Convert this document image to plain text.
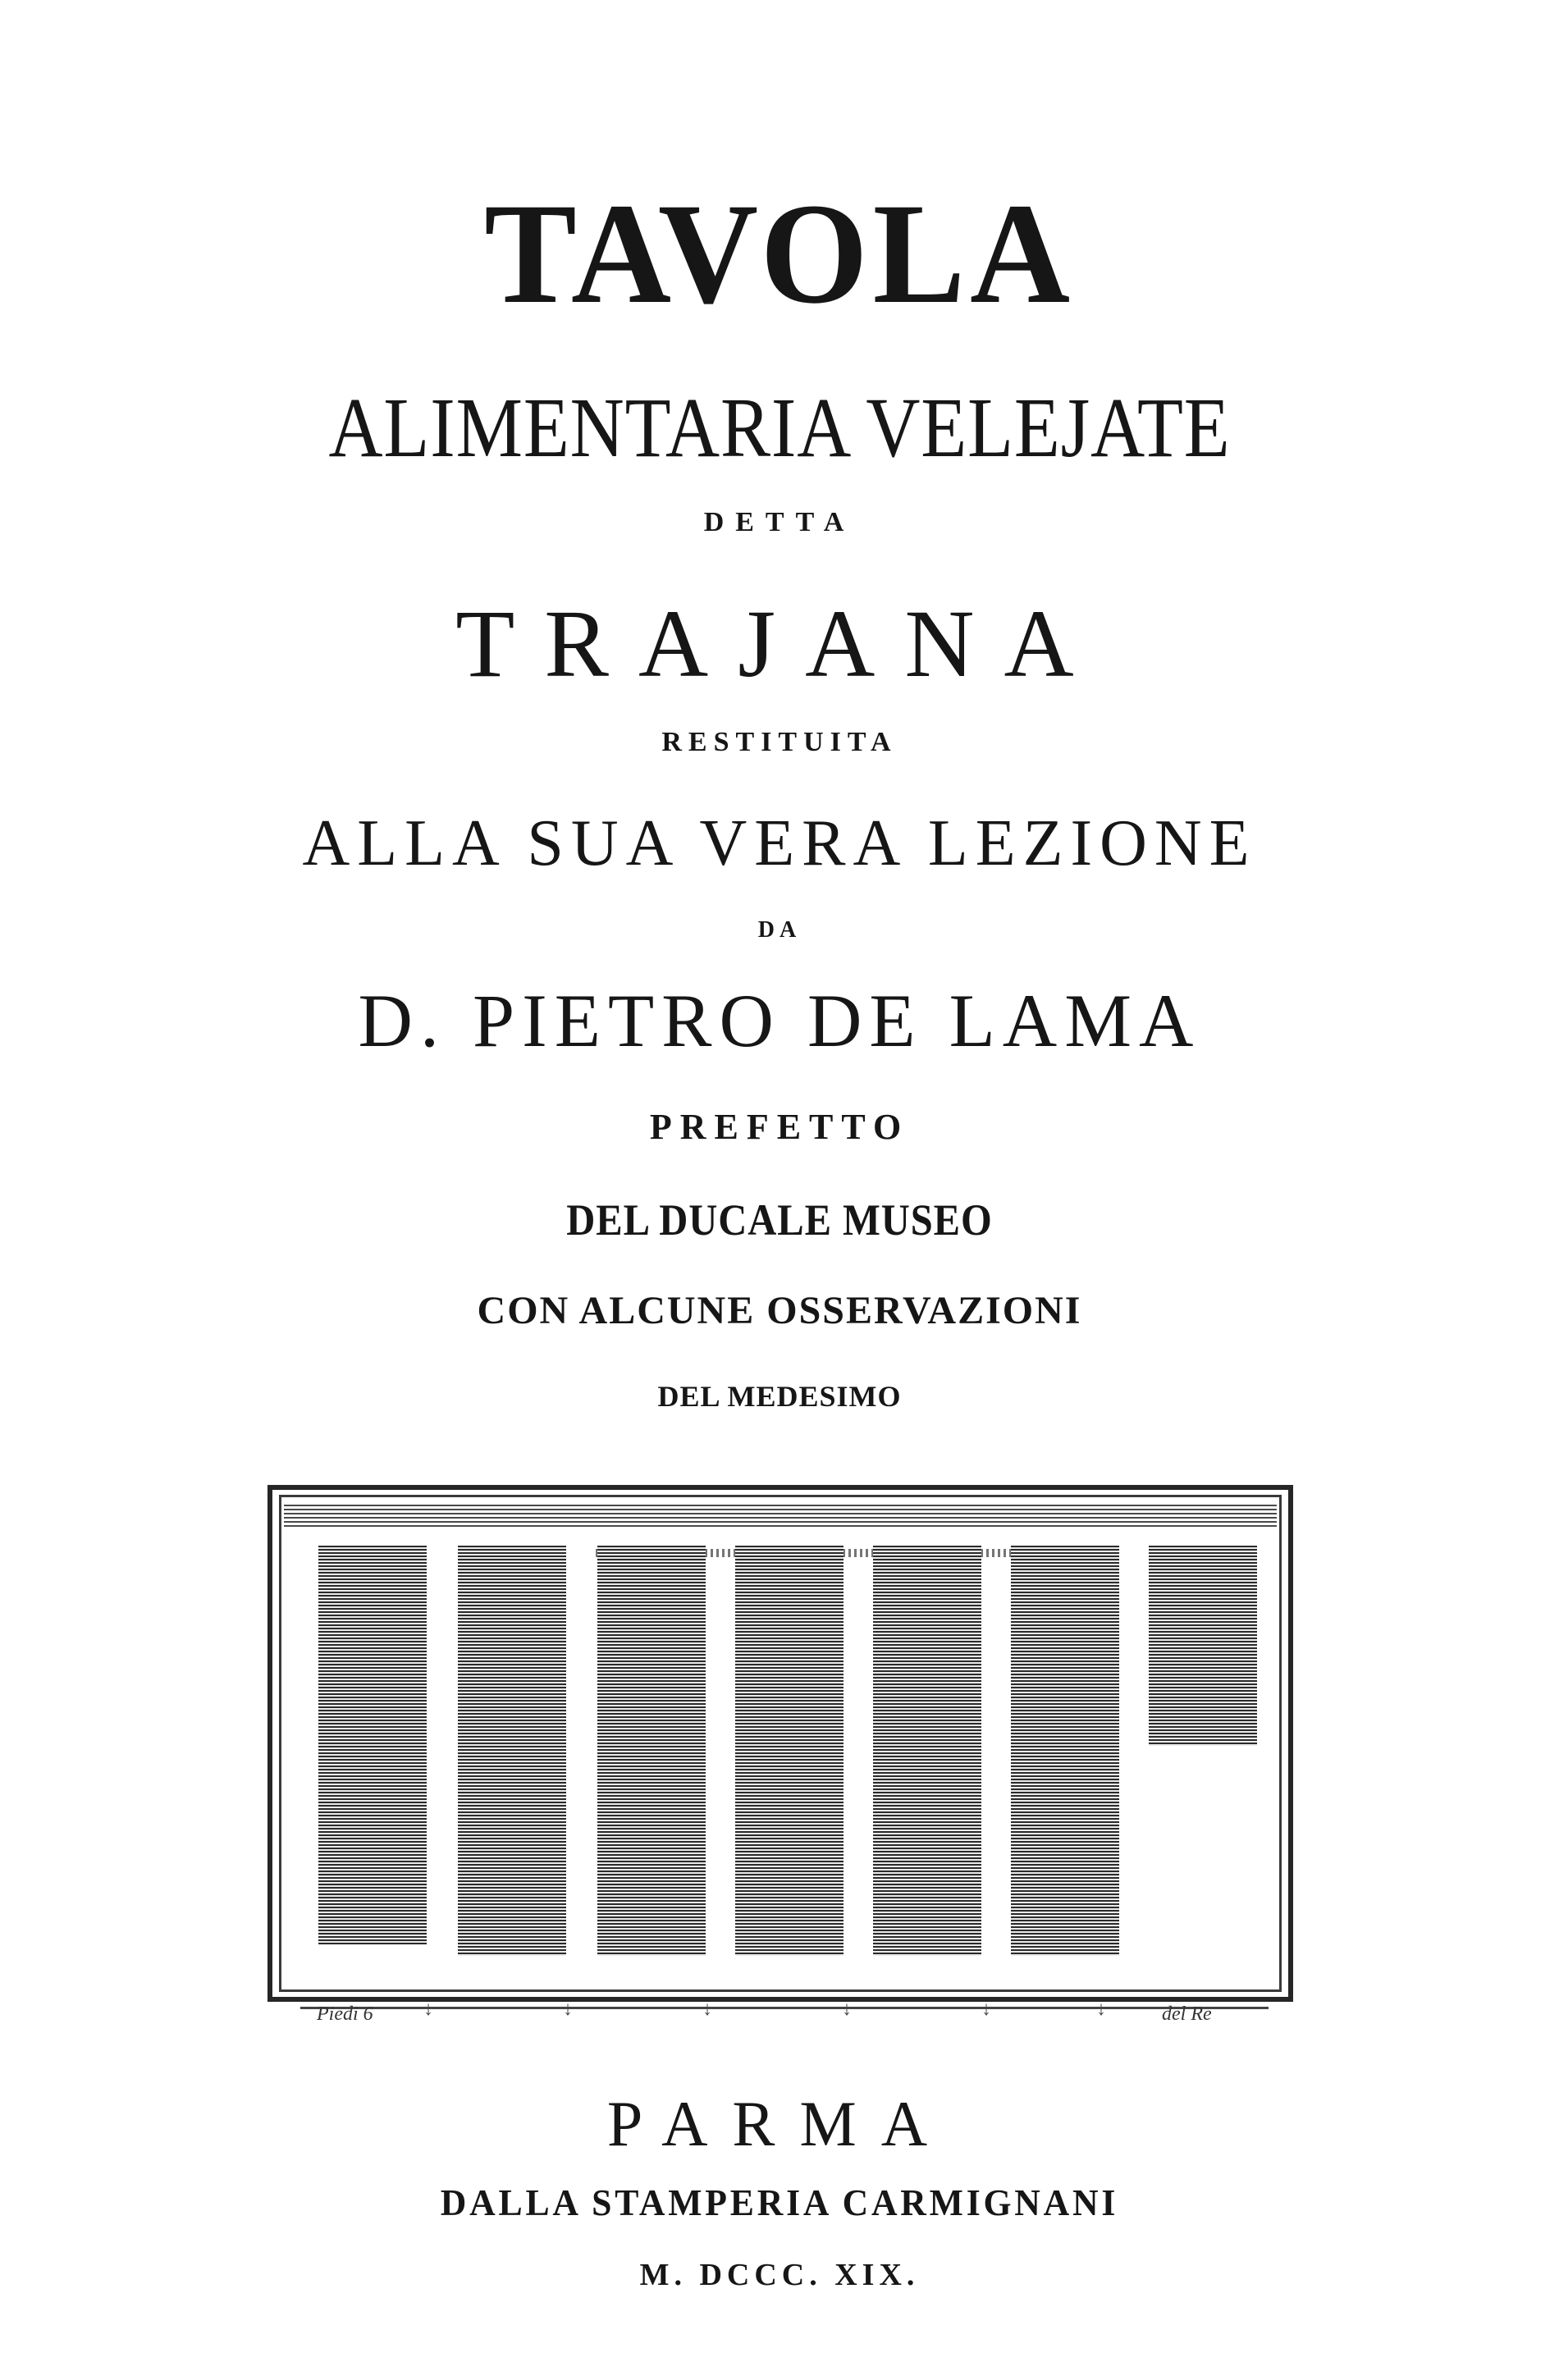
TAVOLA
ALIMENTARIA VELEJATE
DETTA
TRAJANA
RESTITUITA
ALLA SUA VERA LEZIONE
DA
D. PIETRO DE LAMA
PREFETTO
DEL DUCALE MUSEO
CON ALCUNE OSSERVAZIONI
DEL MEDESIMO
Piedi 6	del Re
↓	↓	↓	↓	↓	↓
PARMA
DALLA STAMPERIA CARMIGNANI
M. DCCC. XIX.
